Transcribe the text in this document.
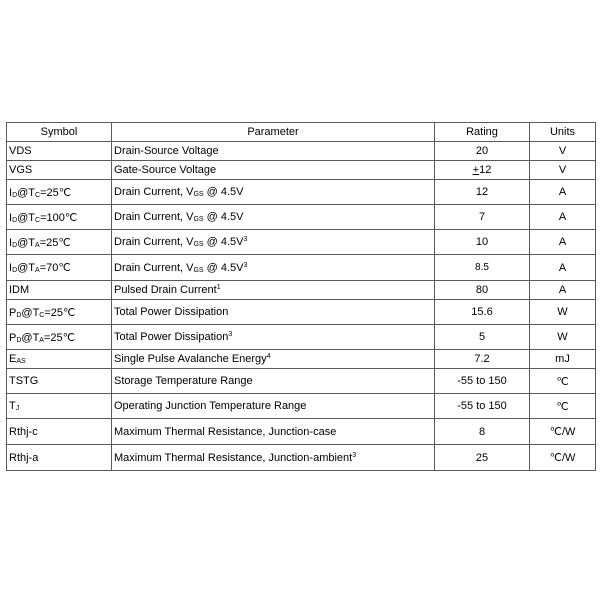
Symbol	Parameter	Rating	Units
VDS	Drain-Source Voltage	20	V
VGS	Gate-Source Voltage	+12	V
$I_D@T_C=25℃$	Drain Current, $V_{GS}$ @ 4.5V	12	A
$I_D@T_C=100℃$	Drain Current, $V_{GS}$ @ 4.5V	7	A
$I_D@T_A=25℃$	Drain Current, $V_{GS}$ @ $4.5V^3$	10	A
$I_D@T_A=70℃$	Drain Current, $V_{GS}$ @ $4.5V^3$	8.5	A
IDM	Pulsed Drain Current$^1$	80	A
$P_D@T_C=25℃$	Total Power Dissipation	15.6	W
$P_D@T_A=25℃$	Total Power Dissipation$^3$	5	W
$E_{AS}$	Single Pulse Avalanche Energy$^4$	7.2	mJ
TSTG	Storage Temperature Range	-55 to 150	℃
$T_J$	Operating Junction Temperature Range	-55 to 150	℃
Rthj-c	Maximum Thermal Resistance, Junction-case	8	℃/W
Rthj-a	Maximum Thermal Resistance, Junction-ambient$^3$	25	℃/W
